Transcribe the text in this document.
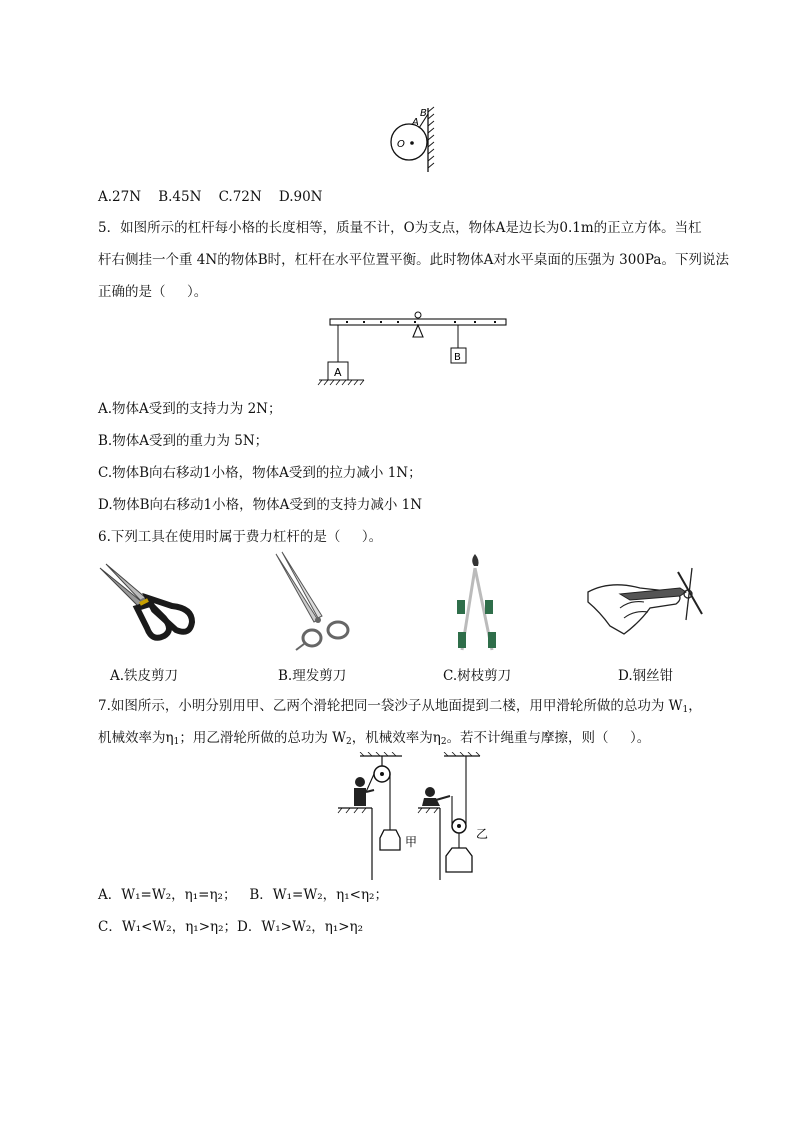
O
A
B
A.27N    B.45N    C.72N    D.90N
5．如图所示的杠杆每小格的长度相等，质量不计，O为支点，物体A是边长为0.1m的正立方体。当杠
杆右侧挂一个重 4N的物体B时，杠杆在水平位置平衡。此时物体A对水平桌面的压强为 300Pa。下列说法
正确的是（     ）。
A
B
A.物体A受到的支持力为 2N；
B.物体A受到的重力为 5N；
C.物体B向右移动1小格，物体A受到的拉力减小 1N；
D.物体B向右移动1小格，物体A受到的支持力减小 1N
6.下列工具在使用时属于费力杠杆的是（     ）。
A.铁皮剪刀	B.理发剪刀	C.树枝剪刀	D.钢丝钳
7.如图所示，小明分别用甲、乙两个滑轮把同一袋沙子从地面提到二楼，用甲滑轮所做的总功为 $W_1$，
机械效率为$\eta_1$；用乙滑轮所做的总功为 $W_2$，机械效率为$\eta_2$。若不计绳重与摩擦，则（     ）。
甲
乙
A．W₁=W₂，η₁=η₂；   B．W₁=W₂，η₁<η₂；
C．W₁<W₂，η₁>η₂；D．W₁>W₂，η₁>η₂
